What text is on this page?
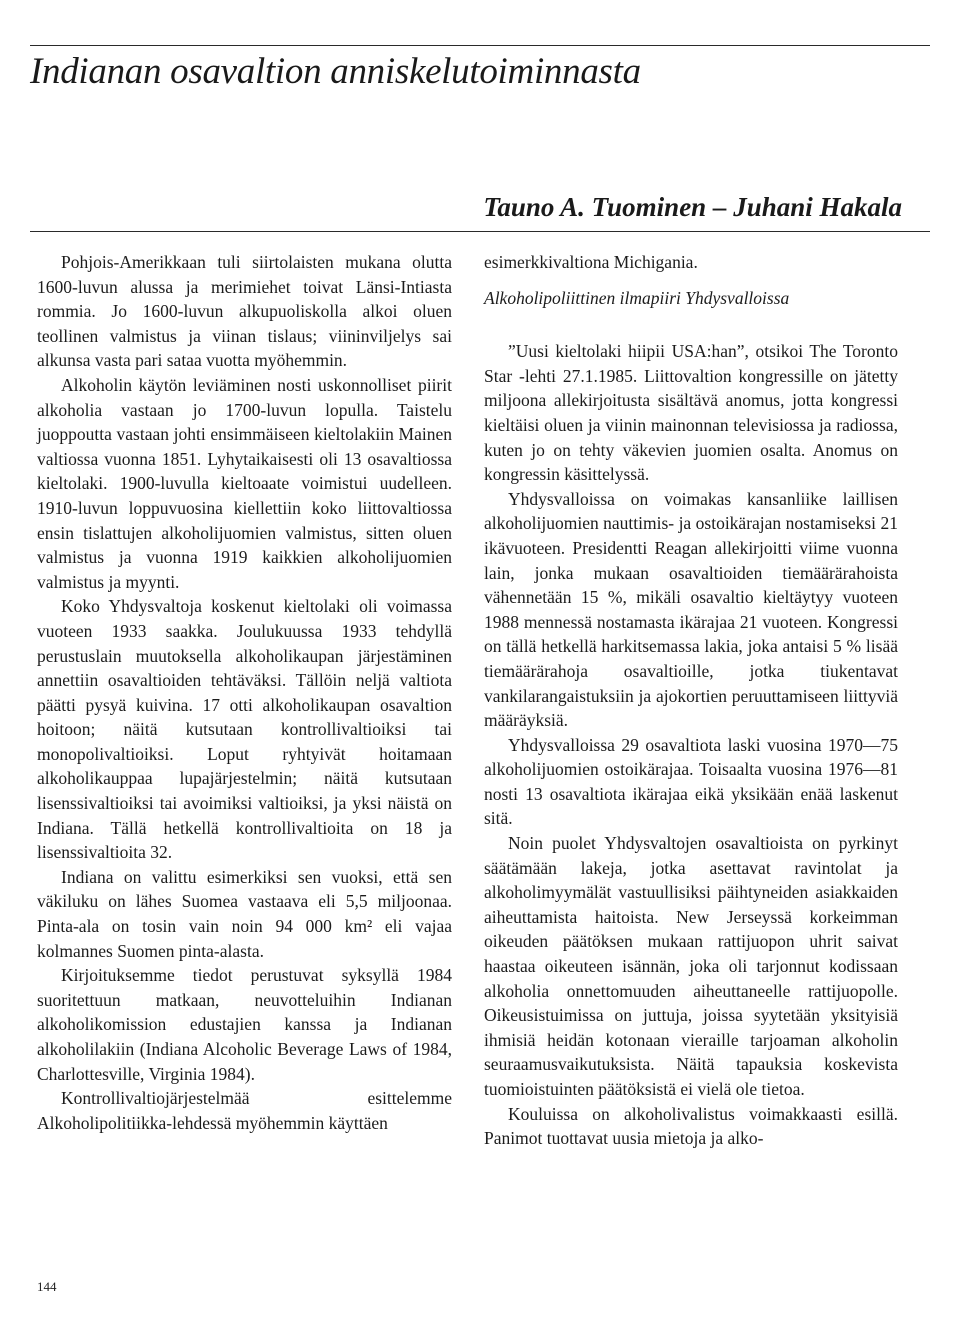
Indianan osavaltion anniskelutoiminnasta
Tauno A. Tuominen – Juhani Hakala

Pohjois-Amerikkaan tuli siirtolaisten mukana olutta 1600-luvun alussa ja merimiehet toivat Länsi-Intiasta rommia. Jo 1600-luvun alkupuoliskolla alkoi oluen teollinen valmistus ja viinan tislaus; viininviljelys sai alkunsa vasta pari sataa vuotta myöhemmin.

Alkoholin käytön leviäminen nosti uskonnolliset piirit alkoholia vastaan jo 1700-luvun lopulla. Taistelu juoppoutta vastaan johti ensimmäiseen kieltolakiin Mainen valtiossa vuonna 1851. Lyhytaikaisesti oli 13 osavaltiossa kieltolaki. 1900-luvulla kieltoaate voimistui uudelleen. 1910-luvun loppuvuosina kiellettiin koko liittovaltiossa ensin tislattujen alkoholijuomien valmistus, sitten oluen valmistus ja vuonna 1919 kaikkien alkoholijuomien valmistus ja myynti.

Koko Yhdysvaltoja koskenut kieltolaki oli voimassa vuoteen 1933 saakka. Joulukuussa 1933 tehdyllä perustuslain muutoksella alkoholikaupan järjestäminen annettiin osavaltioiden tehtäväksi. Tällöin neljä valtiota päätti pysyä kuivina. 17 otti alkoholikaupan osavaltion hoitoon; näitä kutsutaan kontrollivaltioiksi tai monopolivaltioiksi. Loput ryhtyivät hoitamaan alkoholikauppaa lupajärjestelmin; näitä kutsutaan lisenssivaltioiksi tai avoimiksi valtioiksi, ja yksi näistä on Indiana. Tällä hetkellä kontrollivaltioita on 18 ja lisenssivaltioita 32.

Indiana on valittu esimerkiksi sen vuoksi, että sen väkiluku on lähes Suomea vastaava eli 5,5 miljoonaa. Pinta-ala on tosin vain noin 94 000 km² eli vajaa kolmannes Suomen pinta-alasta.

Kirjoituksemme tiedot perustuvat syksyllä 1984 suoritettuun matkaan, neuvotteluihin Indianan alkoholikomission edustajien kanssa ja Indianan alkoholilakiin (Indiana Alcoholic Beverage Laws of 1984, Charlottesville, Virginia 1984).

Kontrollivaltiojärjestelmää esittelemme Alkoholipolitiikka-lehdessä myöhemmin käyttäen

esimerkkivaltiona Michigania.

Alkoholipoliittinen ilmapiiri Yhdysvalloissa

”Uusi kieltolaki hiipii USA:han”, otsikoi The Toronto Star -lehti 27.1.1985. Liittovaltion kongressille on jätetty miljoona allekirjoitusta sisältävä anomus, jotta kongressi kieltäisi oluen ja viinin mainonnan televisiossa ja radiossa, kuten jo on tehty väkevien juomien osalta. Anomus on kongressin käsittelyssä.

Yhdysvalloissa on voimakas kansanliike laillisen alkoholijuomien nauttimis- ja ostoikärajan nostamiseksi 21 ikävuoteen. Presidentti Reagan allekirjoitti viime vuonna lain, jonka mukaan osavaltioiden tiemäärärahoista vähennetään 15 %, mikäli osavaltio kieltäytyy vuoteen 1988 mennessä nostamasta ikärajaa 21 vuoteen. Kongressi on tällä hetkellä harkitsemassa lakia, joka antaisi 5 % lisää tiemäärärahoja osavaltioille, jotka tiukentavat vankilarangaistuksiin ja ajokortien peruuttamiseen liittyviä määräyksiä.

Yhdysvalloissa 29 osavaltiota laski vuosina 1970—75 alkoholijuomien ostoikärajaa. Toisaalta vuosina 1976—81 nosti 13 osavaltiota ikärajaa eikä yksikään enää laskenut sitä.

Noin puolet Yhdysvaltojen osavaltioista on pyrkinyt säätämään lakeja, jotka asettavat ravintolat ja alkoholimyymälät vastuullisiksi päihtyneiden asiakkaiden aiheuttamista haitoista. New Jerseyssä korkeimman oikeuden päätöksen mukaan rattijuopon uhrit saivat haastaa oikeuteen isännän, joka oli tarjonnut kodissaan alkoholia onnettomuuden aiheuttaneelle rattijuopolle. Oikeusistuimissa on juttuja, joissa syytetään yksityisiä ihmisiä heidän kotonaan vieraille tarjoaman alkoholin seuraamusvaikutuksista. Näitä tapauksia koskevista tuomioistuinten päätöksistä ei vielä ole tietoa.

Kouluissa on alkoholivalistus voimakkaasti esillä. Panimot tuottavat uusia mietoja ja alko-

144
